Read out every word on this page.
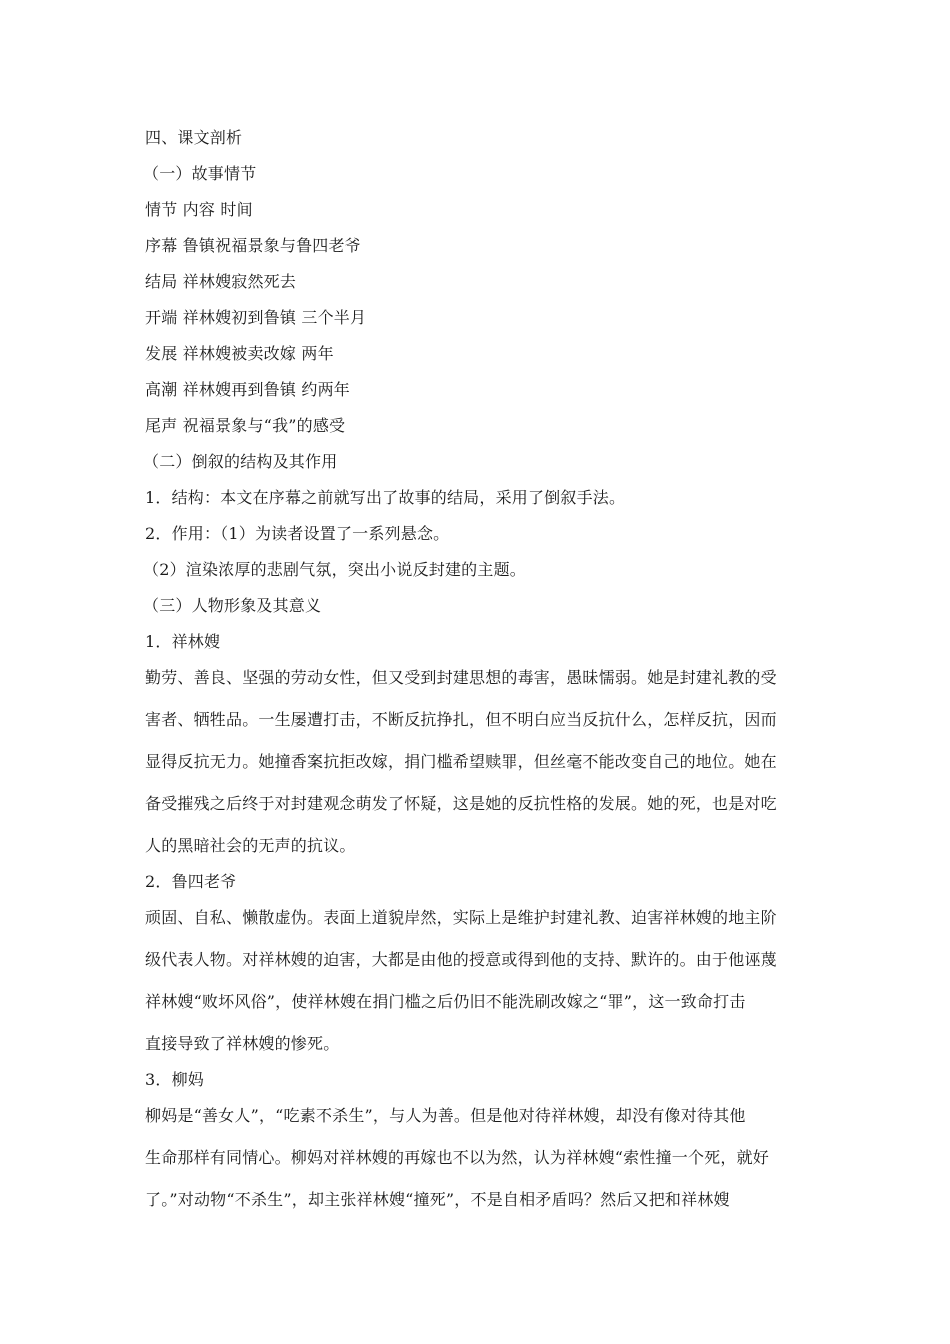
四、课文剖析
（一）故事情节
情节 内容 时间
序幕 鲁镇祝福景象与鲁四老爷
结局 祥林嫂寂然死去
开端 祥林嫂初到鲁镇 三个半月
发展 祥林嫂被卖改嫁 两年
高潮 祥林嫂再到鲁镇 约两年
尾声 祝福景象与“我”的感受
（二）倒叙的结构及其作用
1．结构：本文在序幕之前就写出了故事的结局，采用了倒叙手法。
2．作用：（1）为读者设置了一系列悬念。
（2）渲染浓厚的悲剧气氛，突出小说反封建的主题。
（三）人物形象及其意义
1．祥林嫂
勤劳、善良、坚强的劳动女性，但又受到封建思想的毒害，愚昧懦弱。她是封建礼教的受
害者、牺牲品。一生屡遭打击，不断反抗挣扎，但不明白应当反抗什么，怎样反抗，因而
显得反抗无力。她撞香案抗拒改嫁，捐门槛希望赎罪，但丝毫不能改变自己的地位。她在
备受摧残之后终于对封建观念萌发了怀疑，这是她的反抗性格的发展。她的死，也是对吃
人的黑暗社会的无声的抗议。
2．鲁四老爷
顽固、自私、懒散虚伪。表面上道貌岸然，实际上是维护封建礼教、迫害祥林嫂的地主阶
级代表人物。对祥林嫂的迫害，大都是由他的授意或得到他的支持、默许的。由于他诬蔑
祥林嫂“败坏风俗”，使祥林嫂在捐门槛之后仍旧不能洗刷改嫁之“罪”，这一致命打击
直接导致了祥林嫂的惨死。
3．柳妈
柳妈是“善女人”，“吃素不杀生”，与人为善。但是他对待祥林嫂，却没有像对待其他
生命那样有同情心。柳妈对祥林嫂的再嫁也不以为然，认为祥林嫂“索性撞一个死，就好
了。”对动物“不杀生”，却主张祥林嫂“撞死”，不是自相矛盾吗？然后又把和祥林嫂
